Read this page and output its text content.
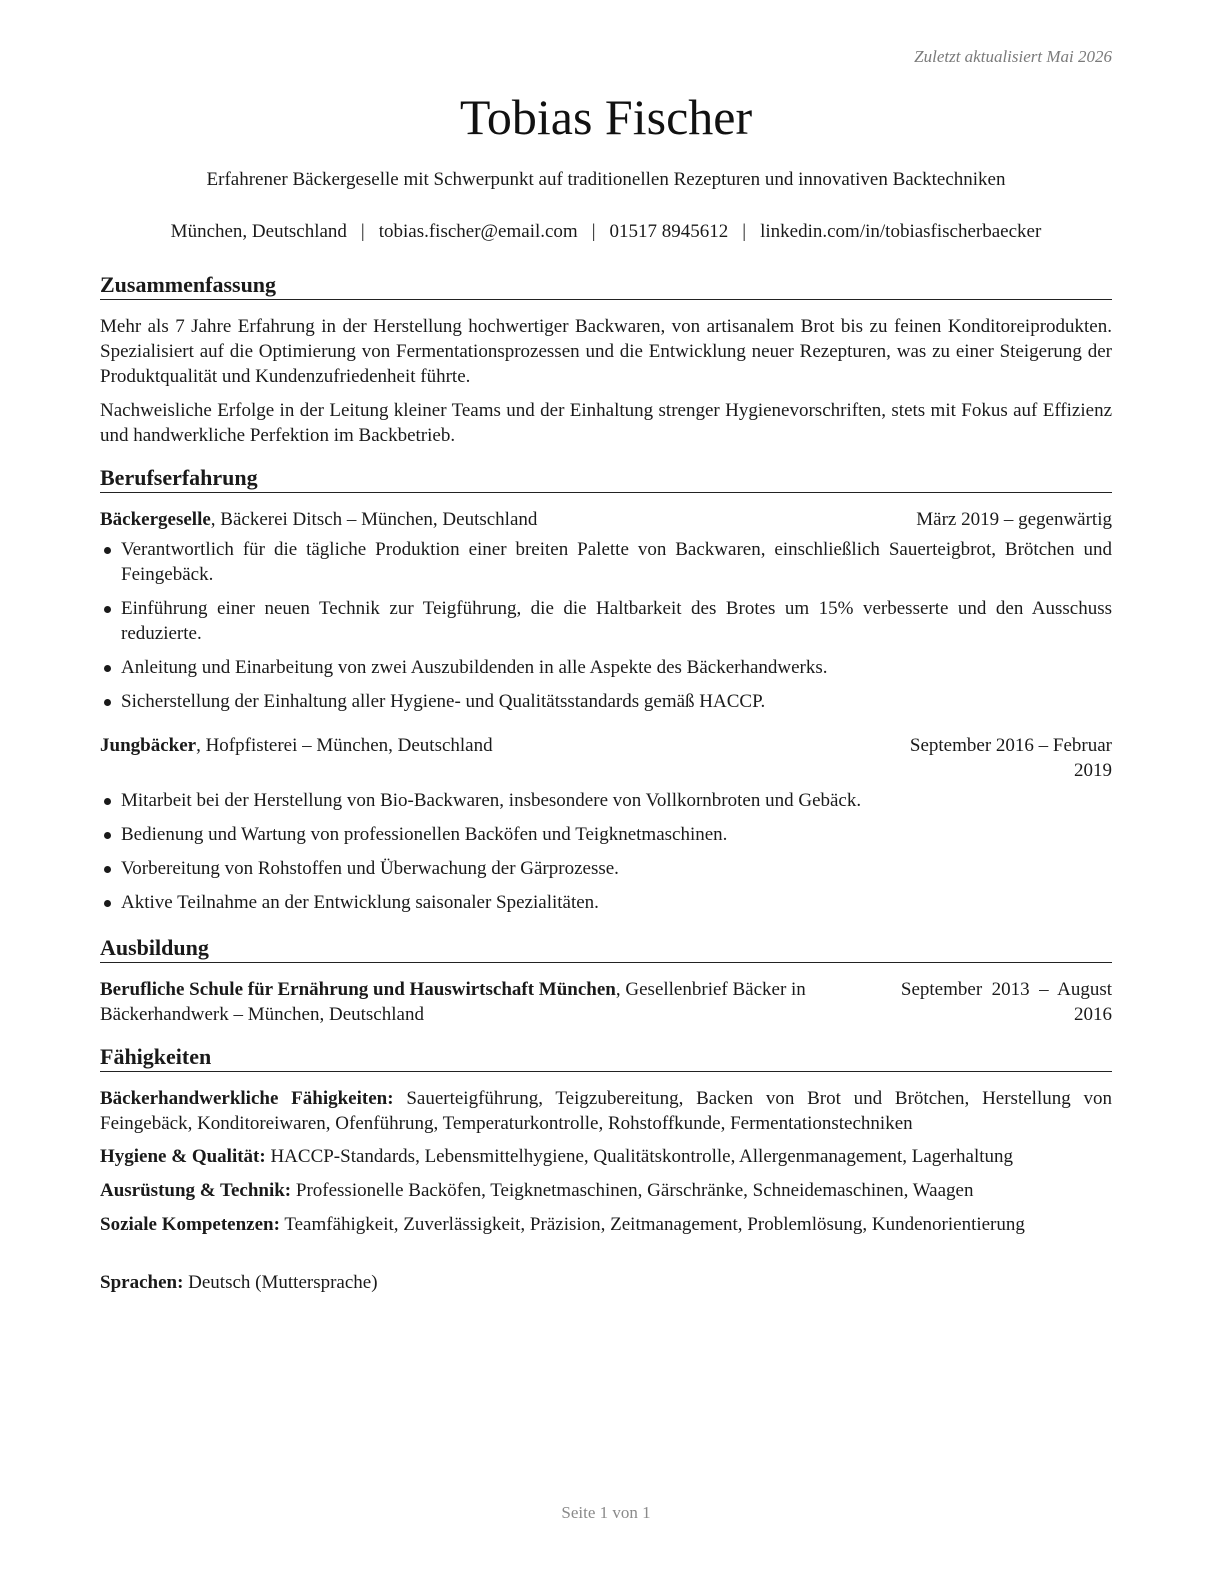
Zuletzt aktualisiert Mai 2026
Tobias Fischer
Erfahrener Bäckergeselle mit Schwerpunkt auf traditionellen Rezepturen und innovativen Backtechniken
München, Deutschland | tobias.fischer@email.com | 01517 8945612 | linkedin.com/in/tobiasfischerbaecker
Zusammenfassung
Mehr als 7 Jahre Erfahrung in der Herstellung hochwertiger Backwaren, von artisanalem Brot bis zu feinen Konditoreiprodukten. Spezialisiert auf die Optimierung von Fermentationsprozessen und die Entwicklung neuer Rezepturen, was zu einer Steigerung der Produktqualität und Kundenzufriedenheit führte.
Nachweisliche Erfolge in der Leitung kleiner Teams und der Einhaltung strenger Hygienevorschriften, stets mit Fokus auf Effizienz und handwerkliche Perfektion im Backbetrieb.
Berufserfahrung
Bäckergeselle, Bäckerei Ditsch – München, Deutschland	März 2019 – gegenwärtig
Verantwortlich für die tägliche Produktion einer breiten Palette von Backwaren, einschließlich Sauerteigbrot, Brötchen und Feingebäck.
Einführung einer neuen Technik zur Teigführung, die die Haltbarkeit des Brotes um 15% verbesserte und den Ausschuss reduzierte.
Anleitung und Einarbeitung von zwei Auszubildenden in alle Aspekte des Bäckerhandwerks.
Sicherstellung der Einhaltung aller Hygiene- und Qualitätsstandards gemäß HACCP.
Jungbäcker, Hofpfisterei – München, Deutschland	September 2016 – Februar
2019
Mitarbeit bei der Herstellung von Bio-Backwaren, insbesondere von Vollkornbroten und Gebäck.
Bedienung und Wartung von professionellen Backöfen und Teigknetmaschinen.
Vorbereitung von Rohstoffen und Überwachung der Gärprozesse.
Aktive Teilnahme an der Entwicklung saisonaler Spezialitäten.
Ausbildung
Berufliche Schule für Ernährung und Hauswirtschaft München, Gesellenbrief Bäcker in
Bäckerhandwerk – München, Deutschland
September  2013  –  August
2016
Fähigkeiten
Bäckerhandwerkliche Fähigkeiten: Sauerteigführung, Teigzubereitung, Backen von Brot und Brötchen, Herstellung von Feingebäck, Konditoreiwaren, Ofenführung, Temperaturkontrolle, Rohstoffkunde, Fermentationstechniken
Hygiene & Qualität: HACCP-Standards, Lebensmittelhygiene, Qualitätskontrolle, Allergenmanagement, Lagerhaltung
Ausrüstung & Technik: Professionelle Backöfen, Teigknetmaschinen, Gärschränke, Schneidemaschinen, Waagen
Soziale Kompetenzen: Teamfähigkeit, Zuverlässigkeit, Präzision, Zeitmanagement, Problemlösung, Kundenorientierung
Sprachen: Deutsch (Muttersprache)
Seite 1 von 1
